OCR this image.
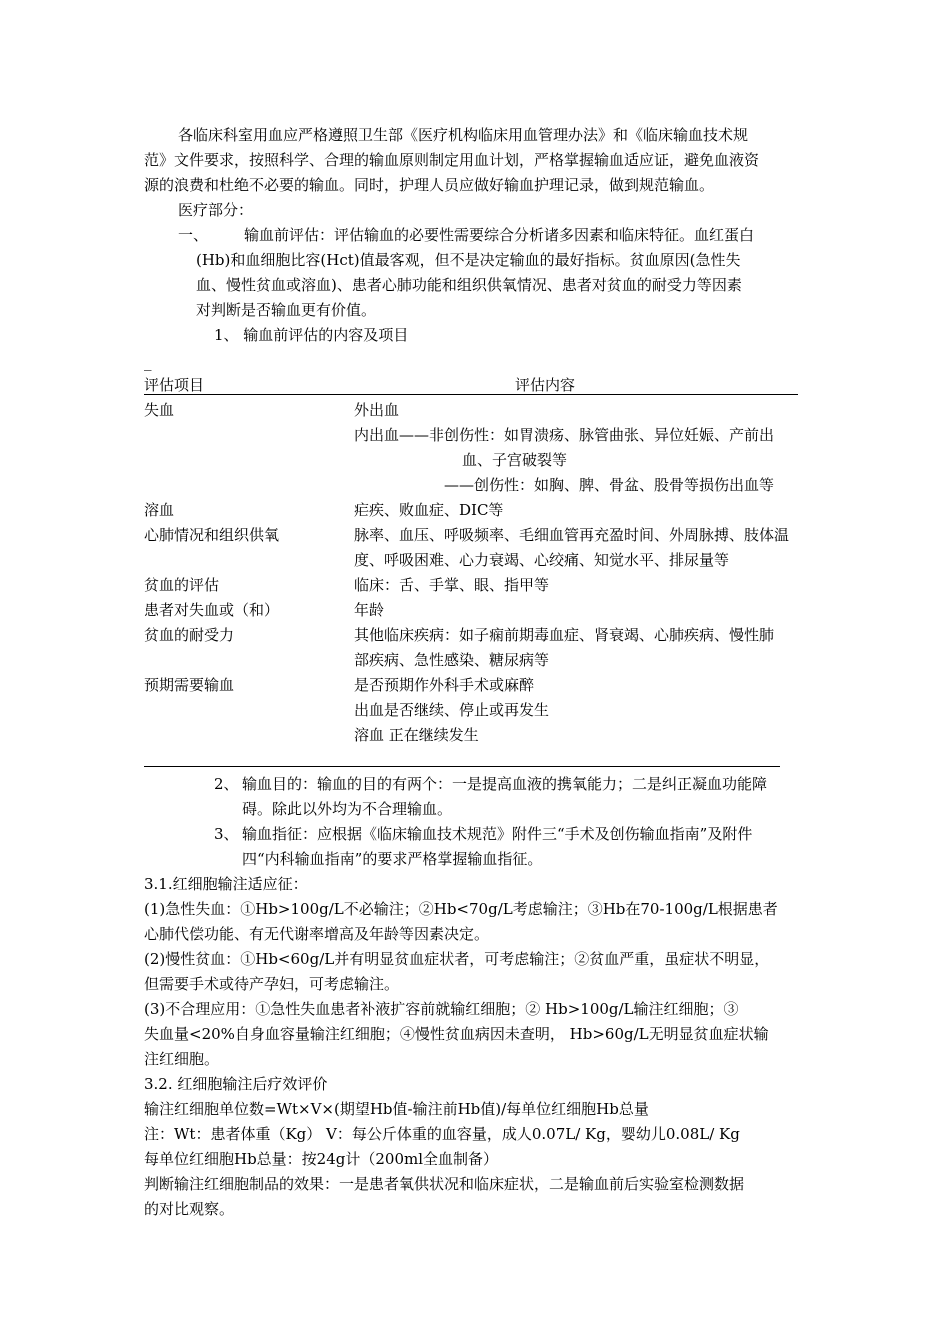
各临床科室用血应严格遵照卫生部《医疗机构临床用血管理办法》和《临床输血技术规
范》文件要求，按照科学、合理的输血原则制定用血计划，严格掌握输血适应证，避免血液资
源的浪费和杜绝不必要的输血。同时，护理人员应做好输血护理记录，做到规范输血。
医疗部分：
一、 输血前评估：评估输血的必要性需要综合分析诸多因素和临床特征。血红蛋白
(Hb)和血细胞比容(Hct)值最客观，但不是决定输血的最好指标。贫血原因(急性失
血、慢性贫血或溶血)、患者心肺功能和组织供氧情况、患者对贫血的耐受力等因素
对判断是否输血更有价值。
1、 输血前评估的内容及项目
_
评估项目	评估内容
失血	外出血
内出血——非创伤性：如胃溃疡、脉管曲张、异位妊娠、产前出
血、子宫破裂等
——创伤性：如胸、脾、骨盆、股骨等损伤出血等
溶血	疟疾、败血症、DIC等
心肺情况和组织供氧	脉率、血压、呼吸频率、毛细血管再充盈时间、外周脉搏、肢体温
度、呼吸困难、心力衰竭、心绞痛、知觉水平、排尿量等
贫血的评估	临床：舌、手掌、眼、指甲等
患者对失血或（和）	年龄
贫血的耐受力	其他临床疾病：如子痫前期毒血症、肾衰竭、心肺疾病、慢性肺
部疾病、急性感染、糖尿病等
预期需要输血	是否预期作外科手术或麻醉
出血是否继续、停止或再发生
溶血 正在继续发生
2、 输血目的：输血的目的有两个：一是提高血液的携氧能力；二是纠正凝血功能障
碍。除此以外均为不合理输血。
3、 输血指征：应根据《临床输血技术规范》附件三“手术及创伤输血指南”及附件
四“内科输血指南”的要求严格掌握输血指征。
3.1.红细胞输注适应征：
(1)急性失血：①Hb>100g/L不必输注；②Hb<70g/L考虑输注；③Hb在70-100g/L根据患者
心肺代偿功能、有无代谢率增高及年龄等因素决定。
(2)慢性贫血：①Hb<60g/L并有明显贫血症状者，可考虑输注；②贫血严重，虽症状不明显，
但需要手术或待产孕妇，可考虑输注。
(3)不合理应用：①急性失血患者补液扩容前就输红细胞；② Hb>100g/L输注红细胞；③
失血量<20%自身血容量输注红细胞；④慢性贫血病因未查明， Hb>60g/L无明显贫血症状输
注红细胞。
3.2. 红细胞输注后疗效评价
输注红细胞单位数=Wt×V×(期望Hb值-输注前Hb值)/每单位红细胞Hb总量
注：Wt：患者体重（Kg） V：每公斤体重的血容量，成人0.07L/ Kg，婴幼儿0.08L/ Kg
每单位红细胞Hb总量：按24g计（200ml全血制备）
判断输注红细胞制品的效果：一是患者氧供状况和临床症状，二是输血前后实验室检测数据
的对比观察。
